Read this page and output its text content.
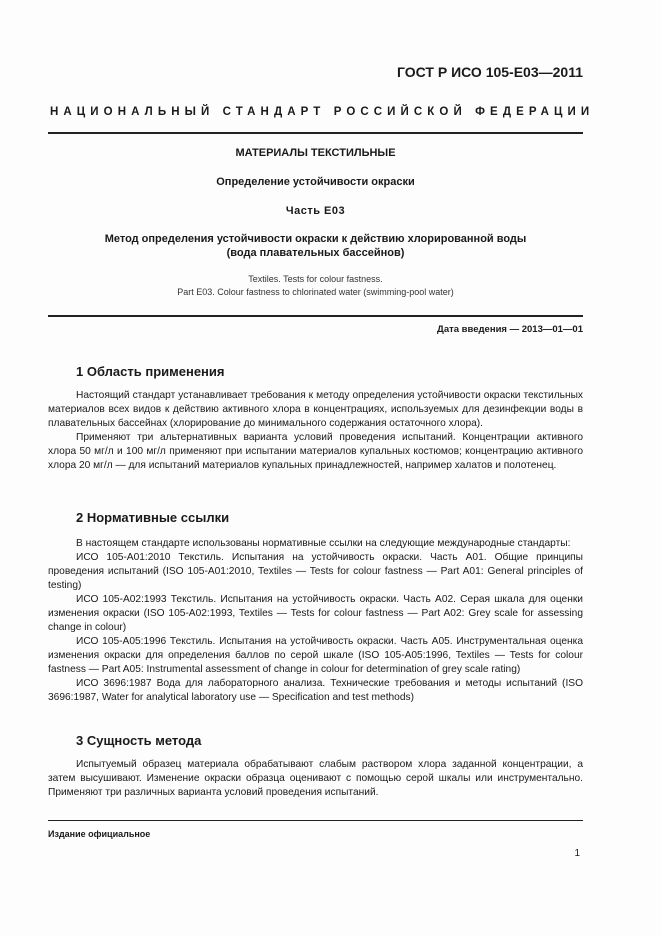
ГОСТ Р ИСО 105-E03—2011
НАЦИОНАЛЬНЫЙ СТАНДАРТ РОССИЙСКОЙ ФЕДЕРАЦИИ
МАТЕРИАЛЫ ТЕКСТИЛЬНЫЕ
Определение устойчивости окраски
Часть E03
Метод определения устойчивости окраски к действию хлорированной воды
(вода плавательных бассейнов)
Textiles. Tests for colour fastness.
Part E03. Colour fastness to chlorinated water (swimming-pool water)
Дата введения — 2013—01—01
1 Область применения

Настоящий стандарт устанавливает требования к методу определения устойчивости окраски текстильных материалов всех видов к действию активного хлора в концентрациях, используемых для дезинфекции воды в плавательных бассейнах (хлорирование до минимального содержания остаточного хлора).

Применяют три альтернативных варианта условий проведения испытаний. Концентрации активного хлора 50 мг/л и 100 мг/л применяют при испытании материалов купальных костюмов; концентрацию активного хлора 20 мг/л — для испытаний материалов купальных принадлежностей, например халатов и полотенец.

2 Нормативные ссылки

В настоящем стандарте использованы нормативные ссылки на следующие международные стандарты:

ИСО 105-A01:2010 Текстиль. Испытания на устойчивость окраски. Часть A01. Общие принципы проведения испытаний (ISO 105-A01:2010, Textiles — Tests for colour fastness — Part A01: General principles of testing)

ИСО 105-A02:1993 Текстиль. Испытания на устойчивость окраски. Часть A02. Серая шкала для оценки изменения окраски (ISO 105-A02:1993, Textiles — Tests for colour fastness — Part A02: Grey scale for assessing change in colour)

ИСО 105-A05:1996 Текстиль. Испытания на устойчивость окраски. Часть A05. Инструментальная оценка изменения окраски для определения баллов по серой шкале (ISO 105-A05:1996, Textiles — Tests for colour fastness — Part A05: Instrumental assessment of change in colour for determination of grey scale rating)

ИСО 3696:1987 Вода для лабораторного анализа. Технические требования и методы испытаний (ISO 3696:1987, Water for analytical laboratory use — Specification and test methods)

3 Сущность метода

Испытуемый образец материала обрабатывают слабым раствором хлора заданной концентрации, а затем высушивают. Изменение окраски образца оценивают с помощью серой шкалы или инструментально. Применяют три различных варианта условий проведения испытаний.

Издание официальное
1
